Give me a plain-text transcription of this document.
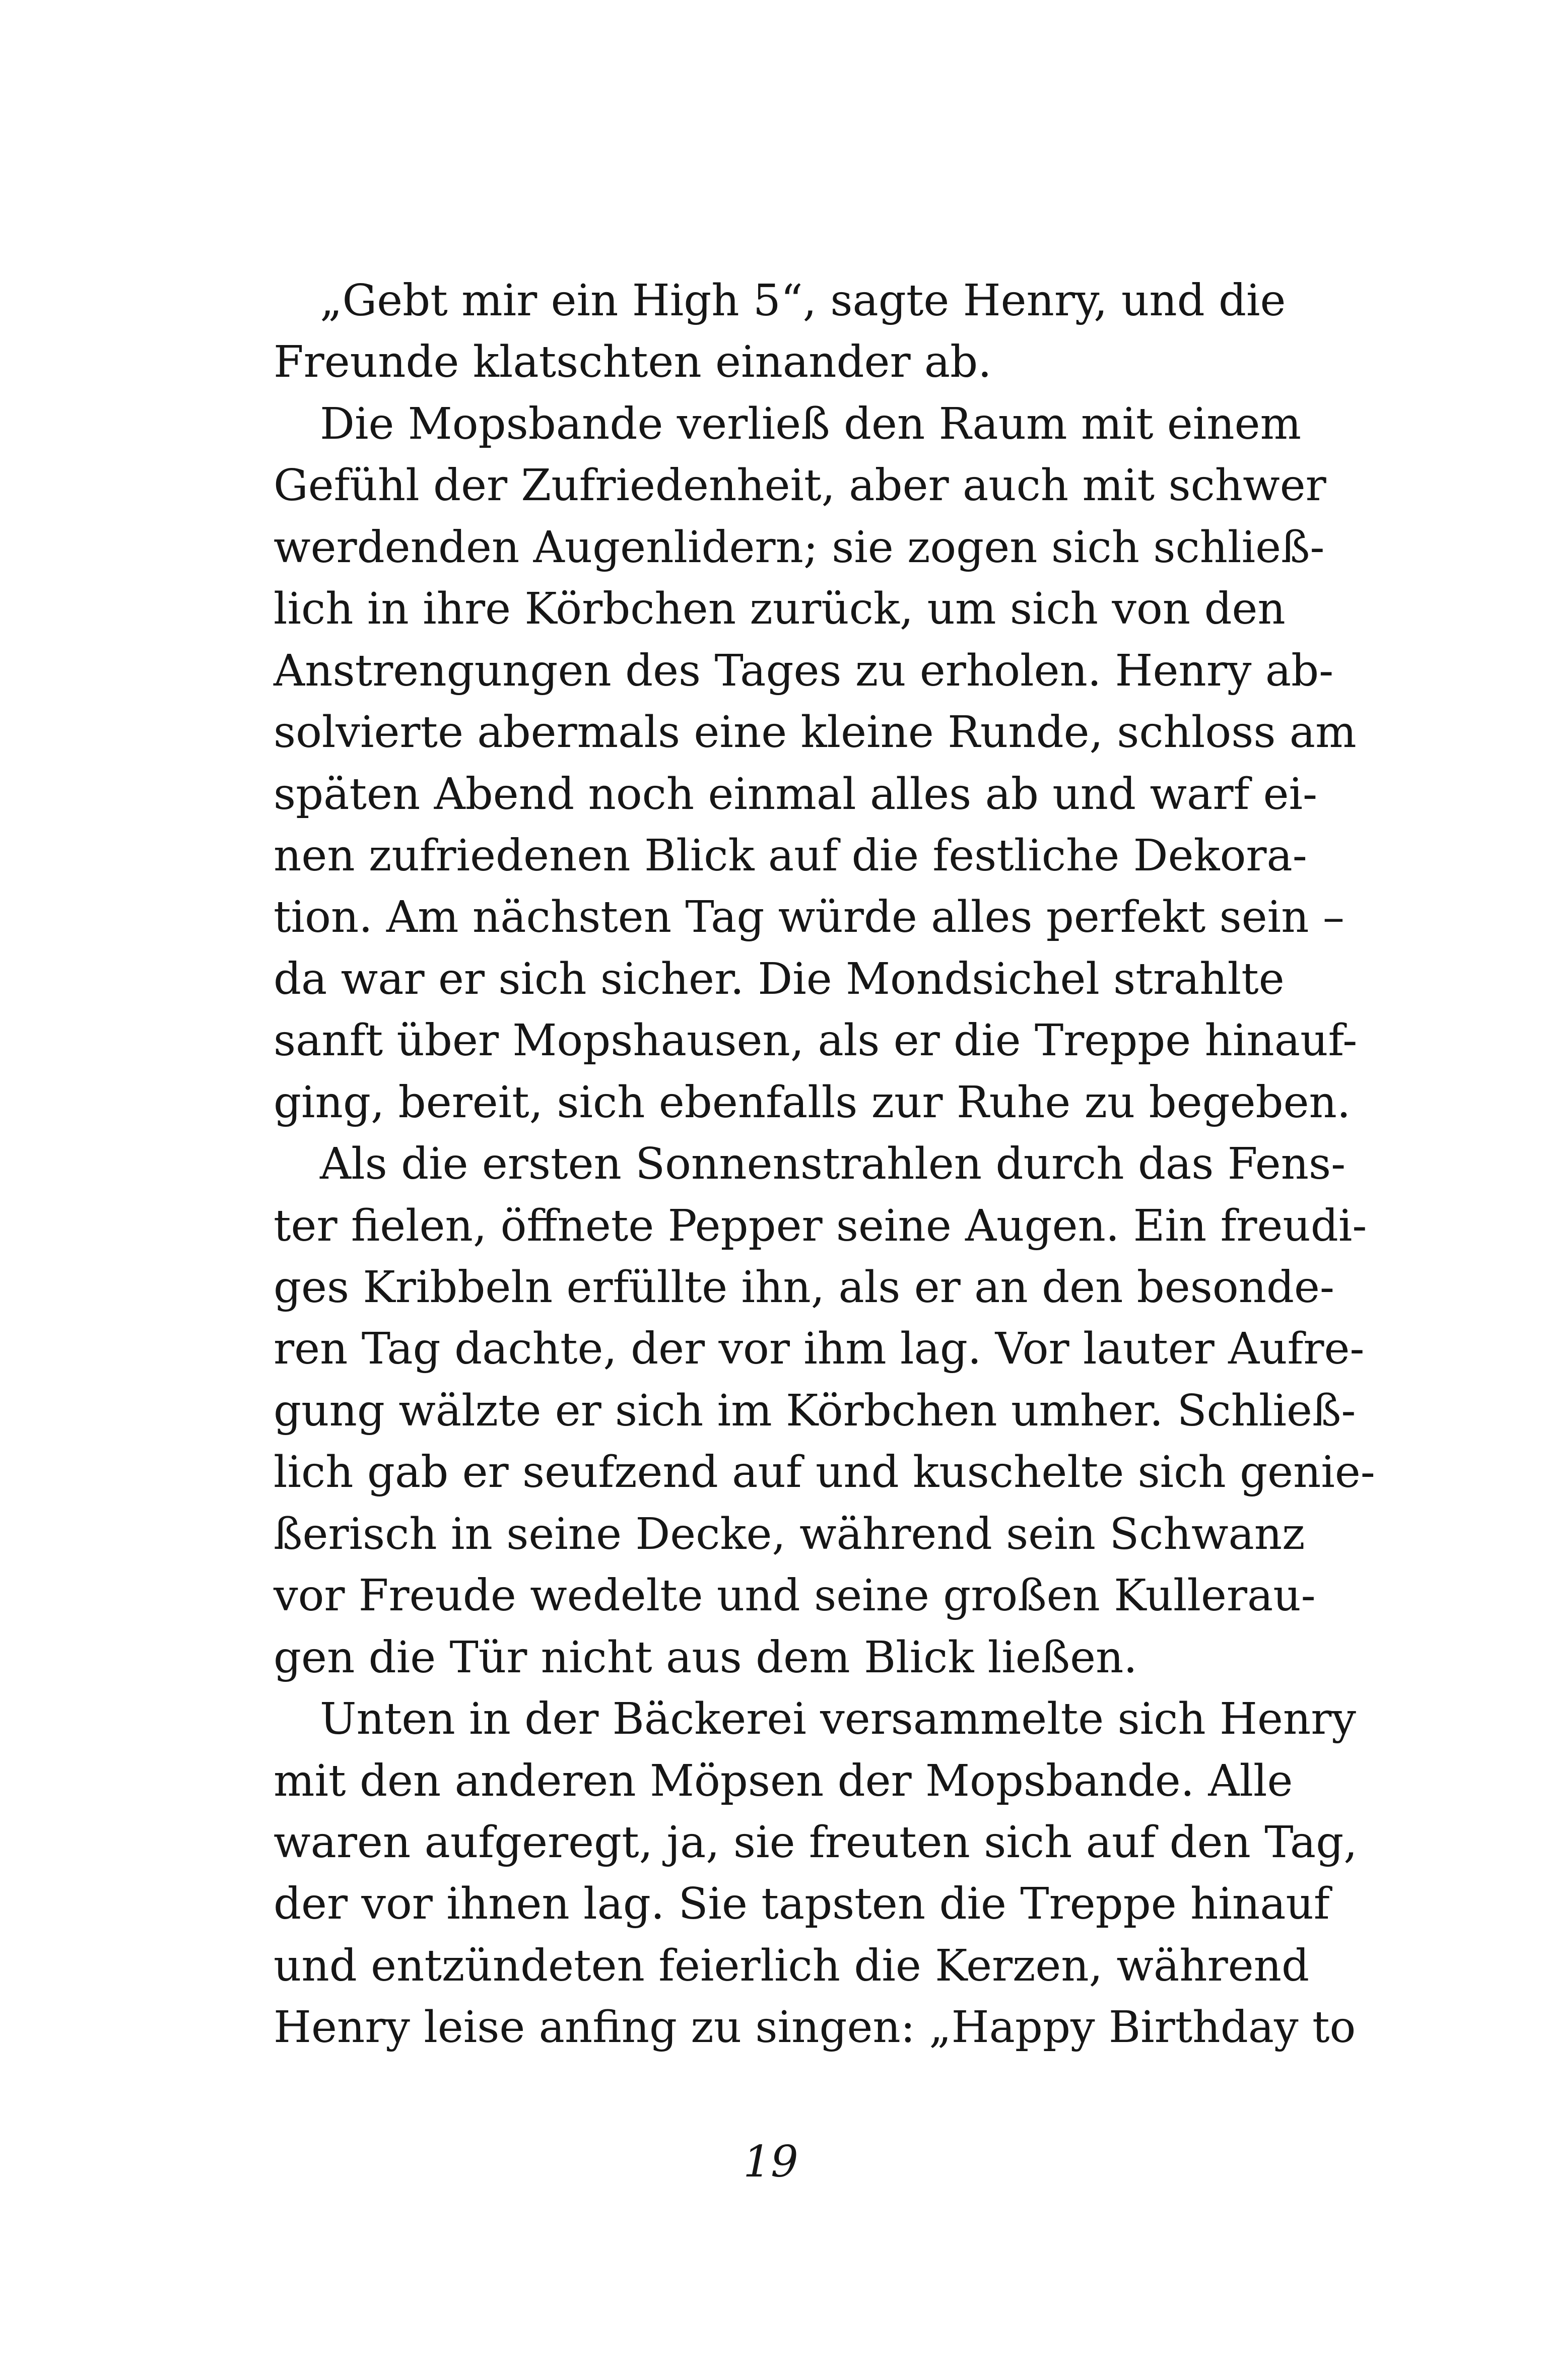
„Gebt mir ein High 5“, sagte Henry, und die
Freunde klatschten einander ab.

Die Mopsbande verließ den Raum mit einem
Gefühl der Zufriedenheit, aber auch mit schwer
werdenden Augenlidern; sie zogen sich schließ-
lich in ihre Körbchen zurück, um sich von den
Anstrengungen des Tages zu erholen. Henry ab-
solvierte abermals eine kleine Runde, schloss am
späten Abend noch einmal alles ab und warf ei-
nen zufriedenen Blick auf die festliche Dekora-
tion. Am nächsten Tag würde alles perfekt sein –
da war er sich sicher. Die Mondsichel strahlte
sanft über Mopshausen, als er die Treppe hinauf-
ging, bereit, sich ebenfalls zur Ruhe zu begeben.

Als die ersten Sonnenstrahlen durch das Fens-
ter fielen, öffnete Pepper seine Augen. Ein freudi-
ges Kribbeln erfüllte ihn, als er an den besonde-
ren Tag dachte, der vor ihm lag. Vor lauter Aufre-
gung wälzte er sich im Körbchen umher. Schließ-
lich gab er seufzend auf und kuschelte sich genie-
ßerisch in seine Decke, während sein Schwanz
vor Freude wedelte und seine großen Kullerau-
gen die Tür nicht aus dem Blick ließen.

Unten in der Bäckerei versammelte sich Henry
mit den anderen Möpsen der Mopsbande. Alle
waren aufgeregt, ja, sie freuten sich auf den Tag,
der vor ihnen lag. Sie tapsten die Treppe hinauf
und entzündeten feierlich die Kerzen, während
Henry leise anfing zu singen: „Happy Birthday to

19
